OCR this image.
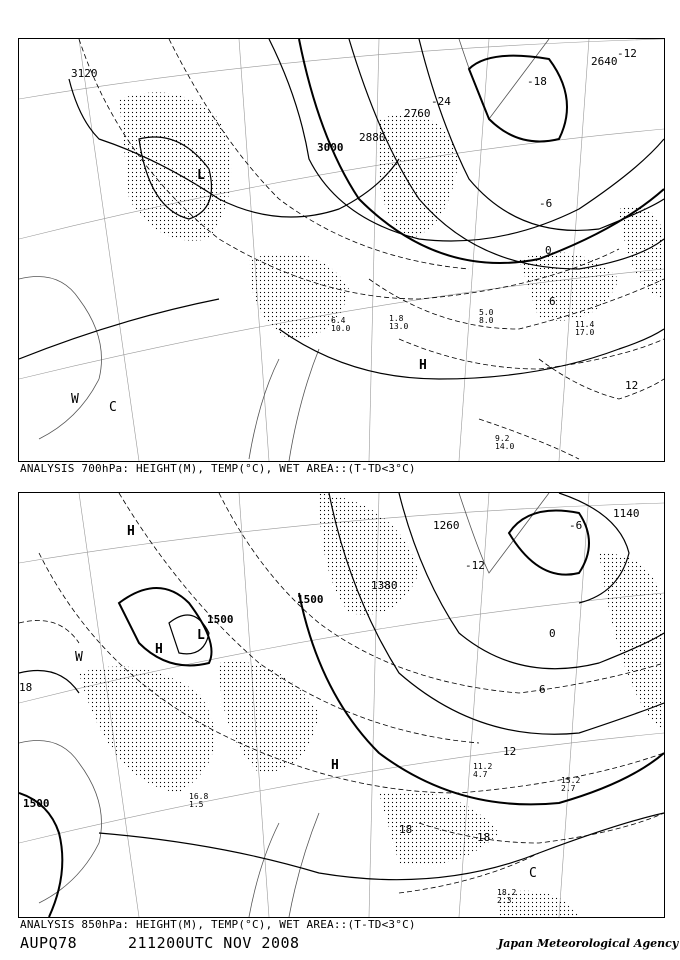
3120
3000
2880
2760
2640
-12
-18
-24
-6
0
6
12
H
L
C
W
11.4
17.0
9.2
14.0
1.8
13.0
6.4
10.0
5.0
8.0
ANALYSIS 700hPa: HEIGHT(M), TEMP(°C), WET AREA::(T-TD<3°C)
1500
1500
1500
1380
1260
1140
18
18
18
12
6
0
-6
-12
H
L
H
H
W
C
15.2
2.7
11.2
4.7
18.2
2.3
16.8
1.5
ANALYSIS 850hPa: HEIGHT(M), TEMP(°C), WET AREA::(T-TD<3°C)
AUPQ78	211200UTC NOV 2008	Japan Meteorological Agency
